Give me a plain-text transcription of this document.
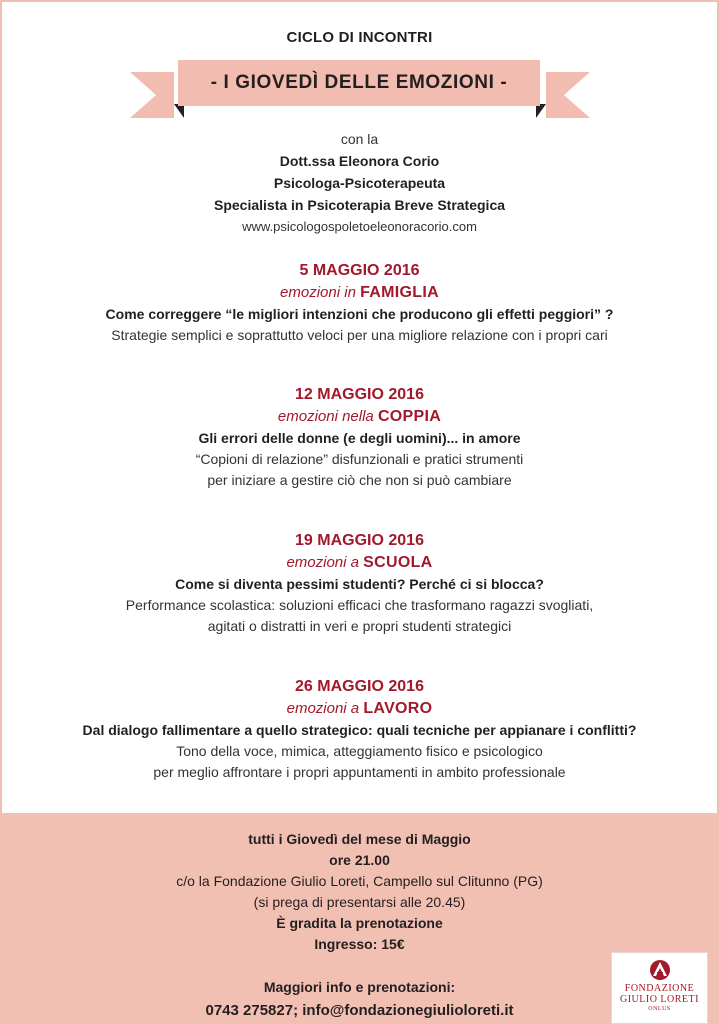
CICLO DI INCONTRI
- I GIOVEDÌ DELLE EMOZIONI -
con la
Dott.ssa Eleonora Corio
Psicologa-Psicoterapeuta
Specialista in Psicoterapia Breve Strategica
www.psicologospoletoeleonoracorio.com
5 MAGGIO 2016
emozioni in FAMIGLIA
Come correggere “le migliori intenzioni che producono gli effetti peggiori” ?
Strategie semplici e soprattutto veloci per una migliore relazione con i propri cari
12 MAGGIO 2016
emozioni nella COPPIA
Gli errori delle donne (e degli uomini)... in amore
“Copioni di relazione” disfunzionali e pratici strumenti
per iniziare a gestire ciò che non si può cambiare
19 MAGGIO 2016
emozioni a SCUOLA
Come si diventa pessimi studenti? Perché ci si blocca?
Performance scolastica: soluzioni efficaci che trasformano ragazzi svogliati,
agitati o distratti in veri e propri studenti strategici
26 MAGGIO 2016
emozioni a LAVORO
Dal dialogo fallimentare a quello strategico: quali tecniche per appianare i conflitti?
Tono della voce, mimica, atteggiamento fisico e psicologico
per meglio affrontare i propri appuntamenti in ambito professionale
tutti i Giovedì del mese di Maggio
ore 21.00
c/o la Fondazione Giulio Loreti, Campello sul Clitunno (PG)
(si prega di presentarsi alle 20.45)
È gradita la prenotazione
Ingresso: 15€
Maggiori info e prenotazioni:
0743 275827; info@fondazionegiulioloreti.it
FONDAZIONE
GIULIO LORETI
ONLUS
